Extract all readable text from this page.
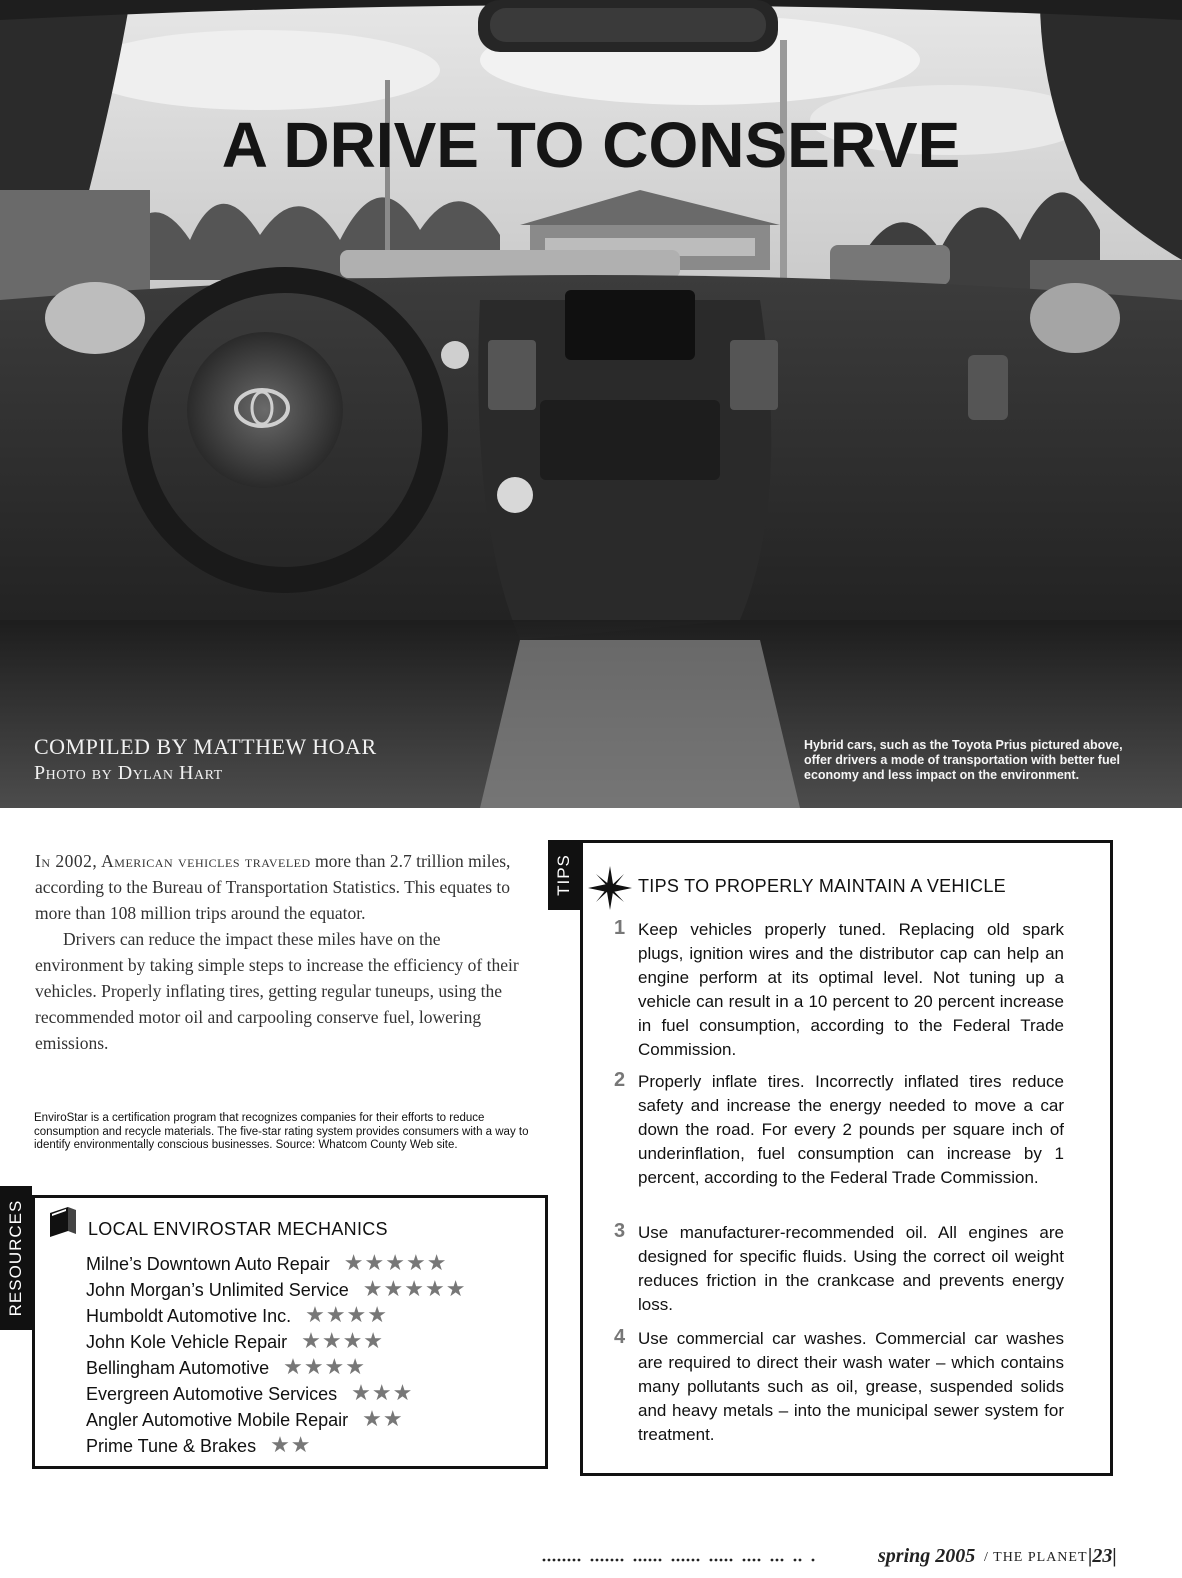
A DRIVE TO CONSERVE
COMPILED BY MATTHEW HOAR
Photo by Dylan Hart
Hybrid cars, such as the Toyota Prius pictured above, offer drivers a mode of transportation with better fuel economy and less impact on the environment.

In 2002, American vehicles traveled more than 2.7 trillion miles, according to the Bureau of Transportation Statistics. This equates to more than 108 million trips around the equator.

Drivers can reduce the impact these miles have on the environment by taking simple steps to increase the efficiency of their vehicles. Properly inflating tires, getting regular tuneups, using the recommended motor oil and carpooling conserve fuel, lowering emissions.

EnviroStar is a certification program that recognizes companies for their efforts to reduce consumption and recycle materials. The five-star rating system provides consumers with a way to identify environmentally conscious businesses. Source: Whatcom County Web site.
RESOURCES	LOCAL ENVIROSTAR MECHANICS
Milne’s Downtown Auto Repair ★★★★★
John Morgan’s Unlimited Service ★★★★★
Humboldt Automotive Inc. ★★★★
John Kole Vehicle Repair ★★★★
Bellingham Automotive ★★★★
Evergreen Automotive Services ★★★
Angler Automotive Mobile Repair ★★
Prime Tune & Brakes ★★
TIPS	TIPS TO PROPERLY MAINTAIN A VEHICLE
1 Keep vehicles properly tuned. Replacing old spark plugs, ignition wires and the distributor cap can help an engine perform at its optimal level. Not tuning up a vehicle can result in a 10 percent to 20 percent increase in fuel consumption, according to the Federal Trade Commission.
2 Properly inflate tires. Incorrectly inflated tires reduce safety and increase the energy needed to move a car down the road. For every 2 pounds per square inch of underinflation, fuel consumption can increase by 1 percent, according to the Federal Trade Commission.
3 Use manufacturer-recommended oil. All engines are designed for specific fluids. Using the correct oil weight reduces friction in the crankcase and prevents energy loss.
4 Use commercial car washes. Commercial car washes are required to direct their wash water – which contains many pollutants such as oil, grease, suspended solids and heavy metals – into the municipal sewer system for treatment.
spring 2005 / THE PLANET |23|
